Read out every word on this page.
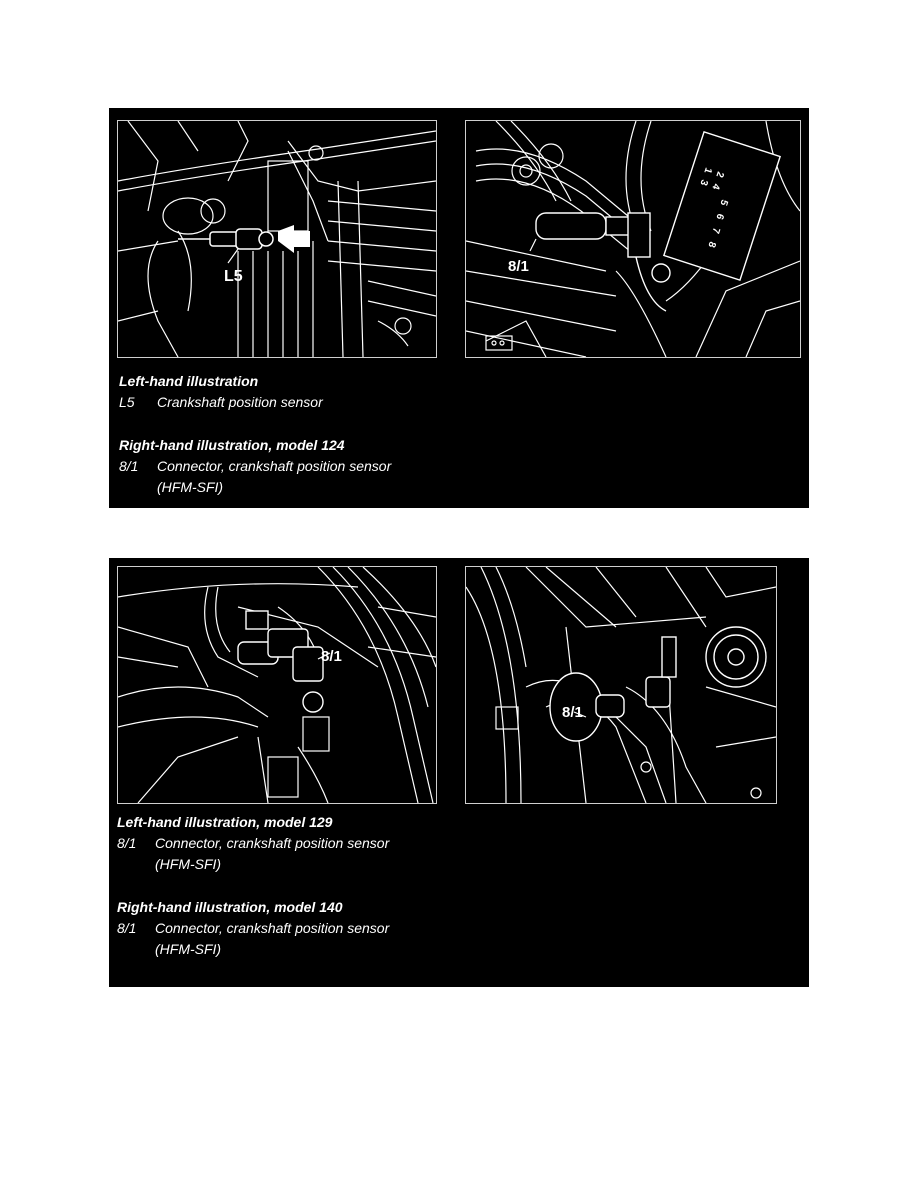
L5
1 2
3 4
5
6
7
8
8/1
Left-hand illustration
L5 Crankshaft position sensor
Right-hand illustration, model 124
8/1 Connector, crankshaft position sensor
(HFM-SFI)
8/1
8/1
Left-hand illustration, model 129
8/1 Connector, crankshaft position sensor
(HFM-SFI)
Right-hand illustration, model 140
8/1 Connector, crankshaft position sensor
(HFM-SFI)
